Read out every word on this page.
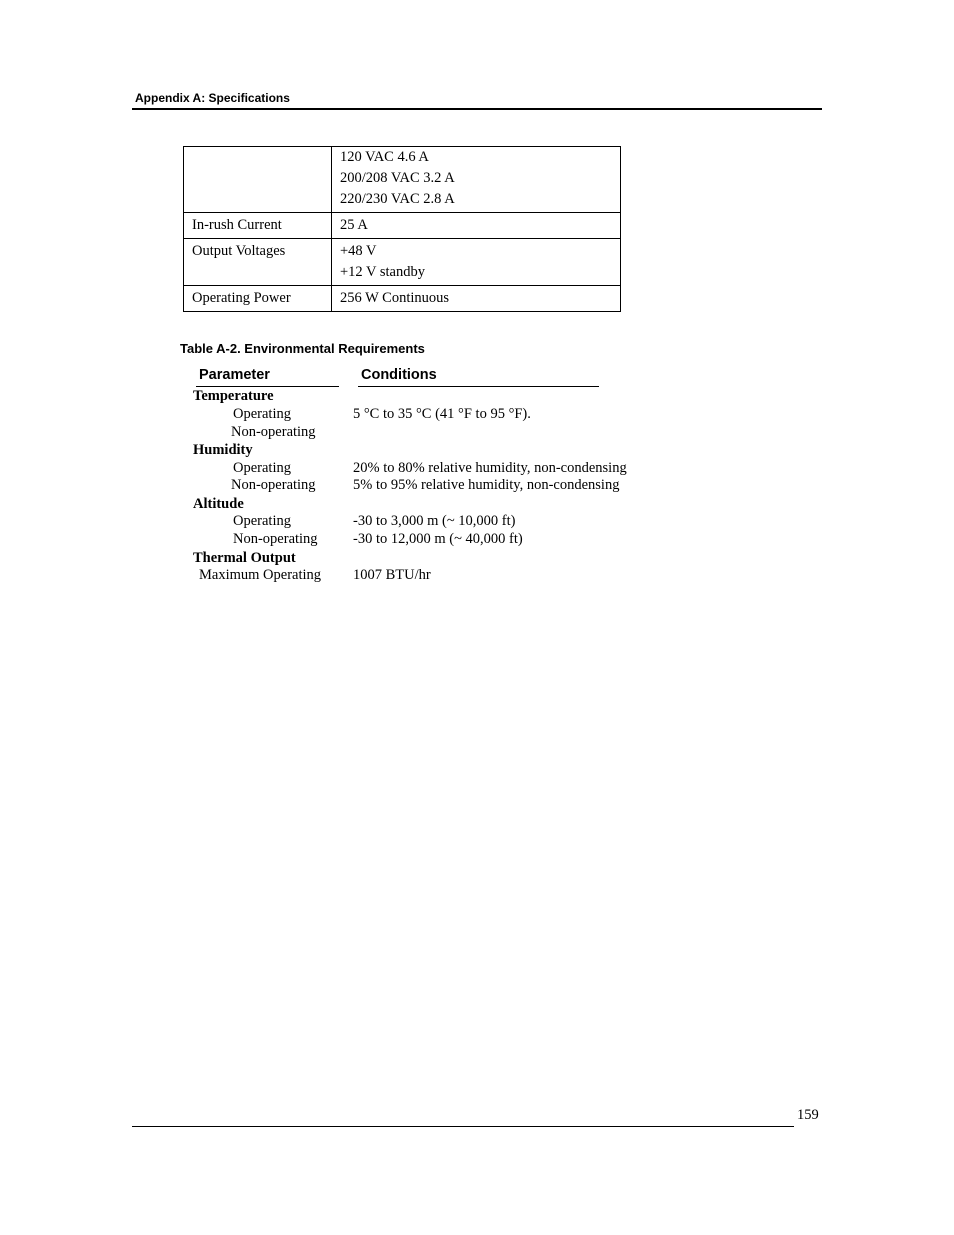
Appendix A: Specifications

	120 VAC 4.6 A
200/208 VAC 3.2 A
220/230 VAC 2.8 A

In-rush Current	25 A
Output Voltages	+48 V
+12 V standby

Operating Power	256 W Continuous
Table A-2. Environmental Requirements
Parameter	Conditions
Temperature
Operating	5 °C to 35 °C (41 °F to 95 °F).
Non-operating
Humidity
Operating	20% to 80% relative humidity, non-condensing
Non-operating	5% to 95% relative humidity, non-condensing
Altitude
Operating	-30 to 3,000 m (~ 10,000 ft)
Non-operating -30 to 12,000 m (~ 40,000 ft)
Thermal Output
Maximum Operating 1007 BTU/hr
159
